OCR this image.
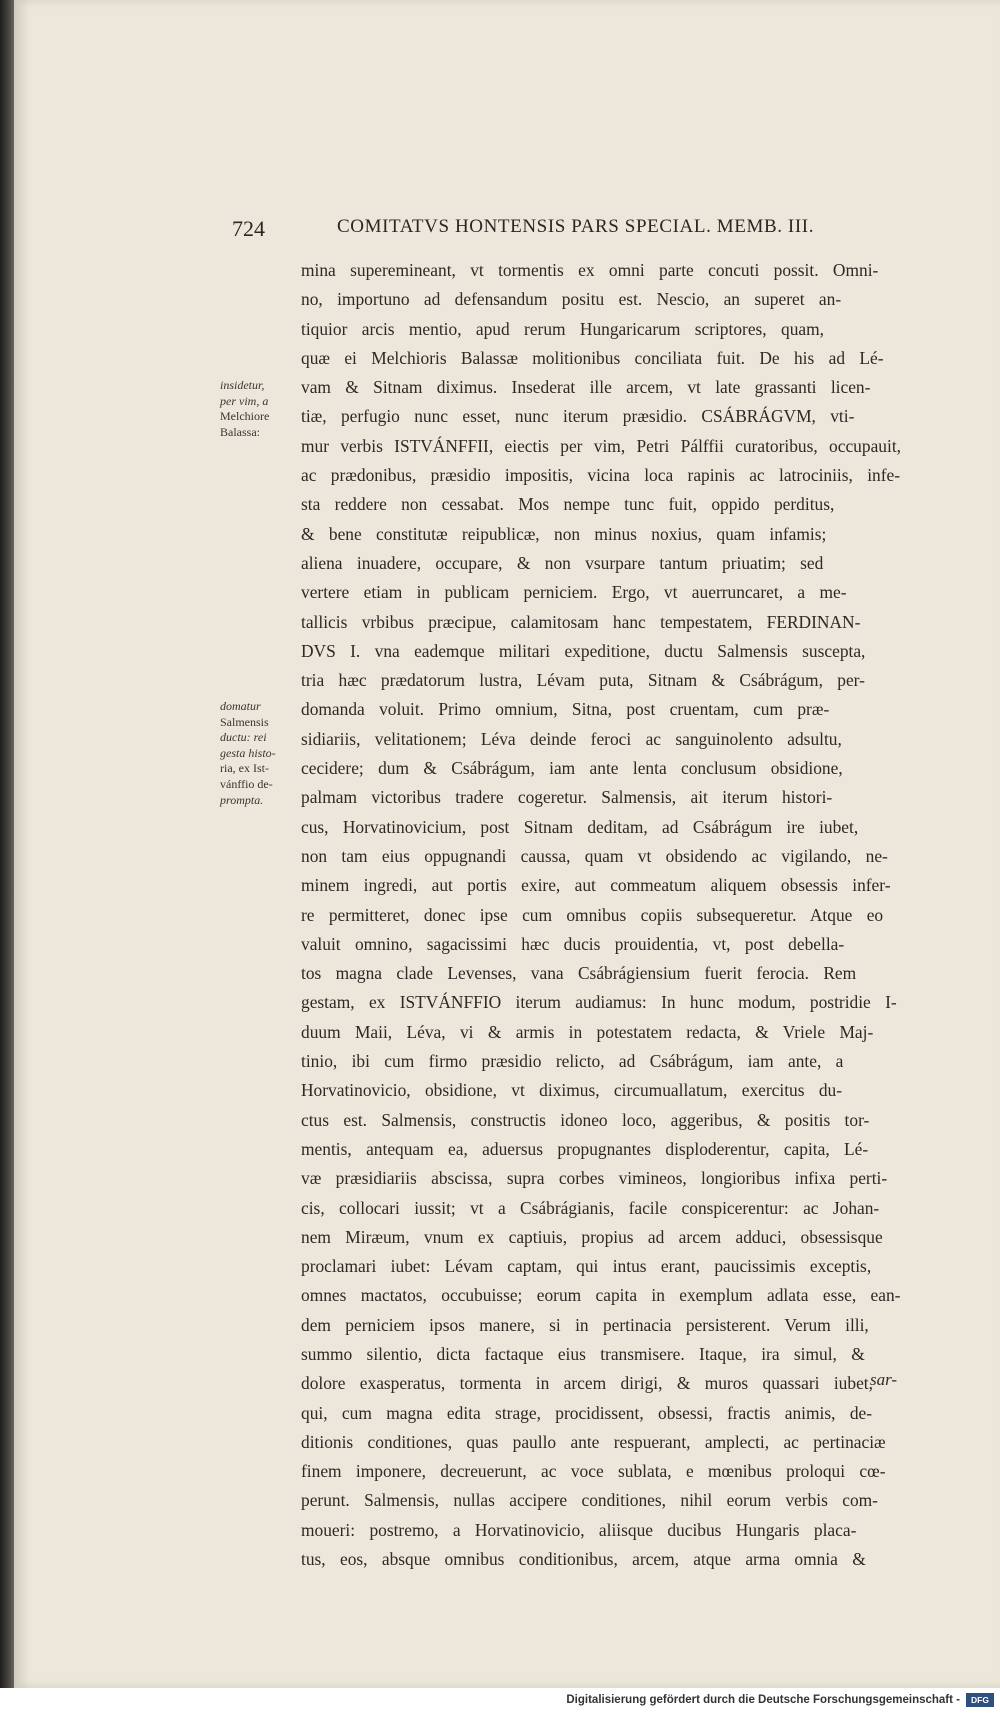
724	COMITATVS HONTENSIS PARS SPECIAL. MEMB. III.
insidetur,
per vim, a
Melchiore
Balassa:
domatur
Salmensis
ductu: rei
gesta histo-
ria, ex Ist-
vánffio de-
prompta.
mina superemineant, vt tormentis ex omni parte concuti possit. Omni-
no, importuno ad defensandum positu est. Nescio, an superet an-
tiquior arcis mentio, apud rerum Hungaricarum scriptores, quam,
quæ ei Melchioris Balassæ molitionibus conciliata fuit. De his ad Lé-
vam & Sitnam diximus. Insederat ille arcem, vt late grassanti licen-
tiæ, perfugio nunc esset, nunc iterum præsidio. CSÁBRÁGVM, vti-
mur verbis ISTVÁNFFII, eiectis per vim, Petri Pálffii curatoribus, occupauit,
ac prædonibus, præsidio impositis, vicina loca rapinis ac latrociniis, infe-
sta reddere non cessabat. Mos nempe tunc fuit, oppido perditus,
& bene constitutæ reipublicæ, non minus noxius, quam infamis;
aliena inuadere, occupare, & non vsurpare tantum priuatim; sed
vertere etiam in publicam perniciem. Ergo, vt auerruncaret, a me-
tallicis vrbibus præcipue, calamitosam hanc tempestatem, FERDINAN-
DVS I. vna eademque militari expeditione, ductu Salmensis suscepta,
tria hæc prædatorum lustra, Lévam puta, Sitnam & Csábrágum, per-
domanda voluit. Primo omnium, Sitna, post cruentam, cum præ-
sidiariis, velitationem; Léva deinde feroci ac sanguinolento adsultu,
cecidere; dum & Csábrágum, iam ante lenta conclusum obsidione,
palmam victoribus tradere cogeretur. Salmensis, ait iterum histori-
cus, Horvatinovicium, post Sitnam deditam, ad Csábrágum ire iubet,
non tam eius oppugnandi caussa, quam vt obsidendo ac vigilando, ne-
minem ingredi, aut portis exire, aut commeatum aliquem obsessis infer-
re permitteret, donec ipse cum omnibus copiis subsequeretur. Atque eo
valuit omnino, sagacissimi hæc ducis prouidentia, vt, post debella-
tos magna clade Levenses, vana Csábrágiensium fuerit ferocia. Rem
gestam, ex ISTVÁNFFIO iterum audiamus: In hunc modum, postridie I-
duum Maii, Léva, vi & armis in potestatem redacta, & Vriele Maj-
tinio, ibi cum firmo præsidio relicto, ad Csábrágum, iam ante, a
Horvatinovicio, obsidione, vt diximus, circumuallatum, exercitus du-
ctus est. Salmensis, constructis idoneo loco, aggeribus, & positis tor-
mentis, antequam ea, aduersus propugnantes disploderentur, capita, Lé-
væ præsidiariis abscissa, supra corbes vimineos, longioribus infixa perti-
cis, collocari iussit; vt a Csábrágianis, facile conspicerentur: ac Johan-
nem Miræum, vnum ex captiuis, propius ad arcem adduci, obsessisque
proclamari iubet: Lévam captam, qui intus erant, paucissimis exceptis,
omnes mactatos, occubuisse; eorum capita in exemplum adlata esse, ean-
dem perniciem ipsos manere, si in pertinacia persisterent. Verum illi,
summo silentio, dicta factaque eius transmisere. Itaque, ira simul, &
dolore exasperatus, tormenta in arcem dirigi, & muros quassari iubet,
qui, cum magna edita strage, procidissent, obsessi, fractis animis, de-
ditionis conditiones, quas paullo ante respuerant, amplecti, ac pertinaciæ
finem imponere, decreuerunt, ac voce sublata, e mœnibus proloqui cœ-
perunt. Salmensis, nullas accipere conditiones, nihil eorum verbis com-
moueri: postremo, a Horvatinovicio, aliisque ducibus Hungaris placa-
tus, eos, absque omnibus conditionibus, arcem, atque arma omnia &
sar-
Digitalisierung gefördert durch die Deutsche Forschungsgemeinschaft -	DFG
